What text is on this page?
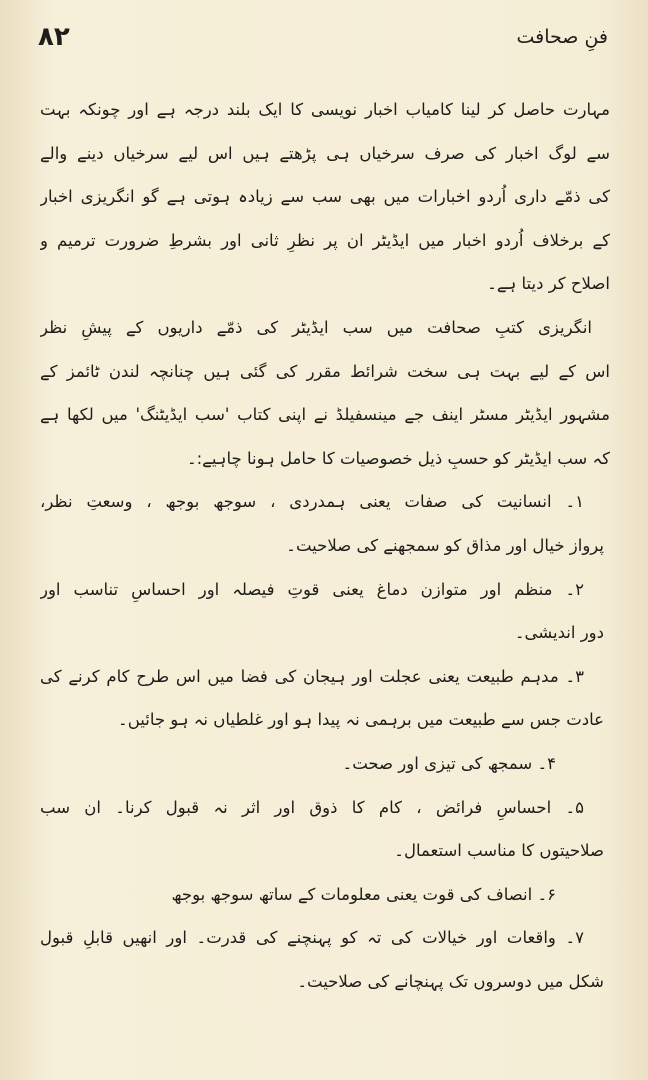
۸۲	فنِ صحافت
مہارت حاصل کر لینا کامیاب اخبار نویسی کا ایک بلند درجہ ہے اور چونکہ بہت
سے لوگ اخبار کی صرف سرخیاں ہی پڑھتے ہیں اس لیے سرخیاں دینے والے
کی ذمّے داری اُردو اخبارات میں بھی سب سے زیادہ ہوتی ہے گو انگریزی اخبار
کے برخلاف اُردو اخبار میں ایڈیٹر ان پر نظرِ ثانی اور بشرطِ ضرورت ترمیم و
اصلاح کر دیتا ہے۔
انگریزی کتبِ صحافت میں سب ایڈیٹر کی ذمّے داریوں کے پیشِ نظر
اس کے لیے بہت ہی سخت شرائط مقرر کی گئی ہیں چنانچہ لندن ٹائمز کے
مشہور ایڈیٹر مسٹر اینف جے مینسفیلڈ نے اپنی کتاب 'سب ایڈیٹنگ' میں لکھا ہے
کہ سب ایڈیٹر کو حسبِ ذیل خصوصیات کا حامل ہونا چاہیے:۔
۱۔ انسانیت کی صفات یعنی ہمدردی ، سوجھ بوجھ ، وسعتِ نظر،
پرواز خیال اور مذاق کو سمجھنے کی صلاحیت۔
۲۔ منظم اور متوازن دماغ یعنی قوتِ فیصلہ اور احساسِ تناسب اور
دور اندیشی۔
۳۔ مدہم طبیعت یعنی عجلت اور ہیجان کی فضا میں اس طرح کام کرنے کی
عادت جس سے طبیعت میں برہمی نہ پیدا ہو اور غلطیاں نہ ہو جائیں۔
۴۔ سمجھ کی تیزی اور صحت۔
۵۔ احساسِ فرائض ، کام کا ذوق اور اثر نہ قبول کرنا۔ ان سب
صلاحیتوں کا مناسب استعمال۔
۶۔ انصاف کی قوت یعنی معلومات کے ساتھ سوجھ بوجھ
۷۔ واقعات اور خیالات کی تہ کو پہنچنے کی قدرت۔ اور انھیں قابلِ قبول
شکل میں دوسروں تک پہنچانے کی صلاحیت۔
